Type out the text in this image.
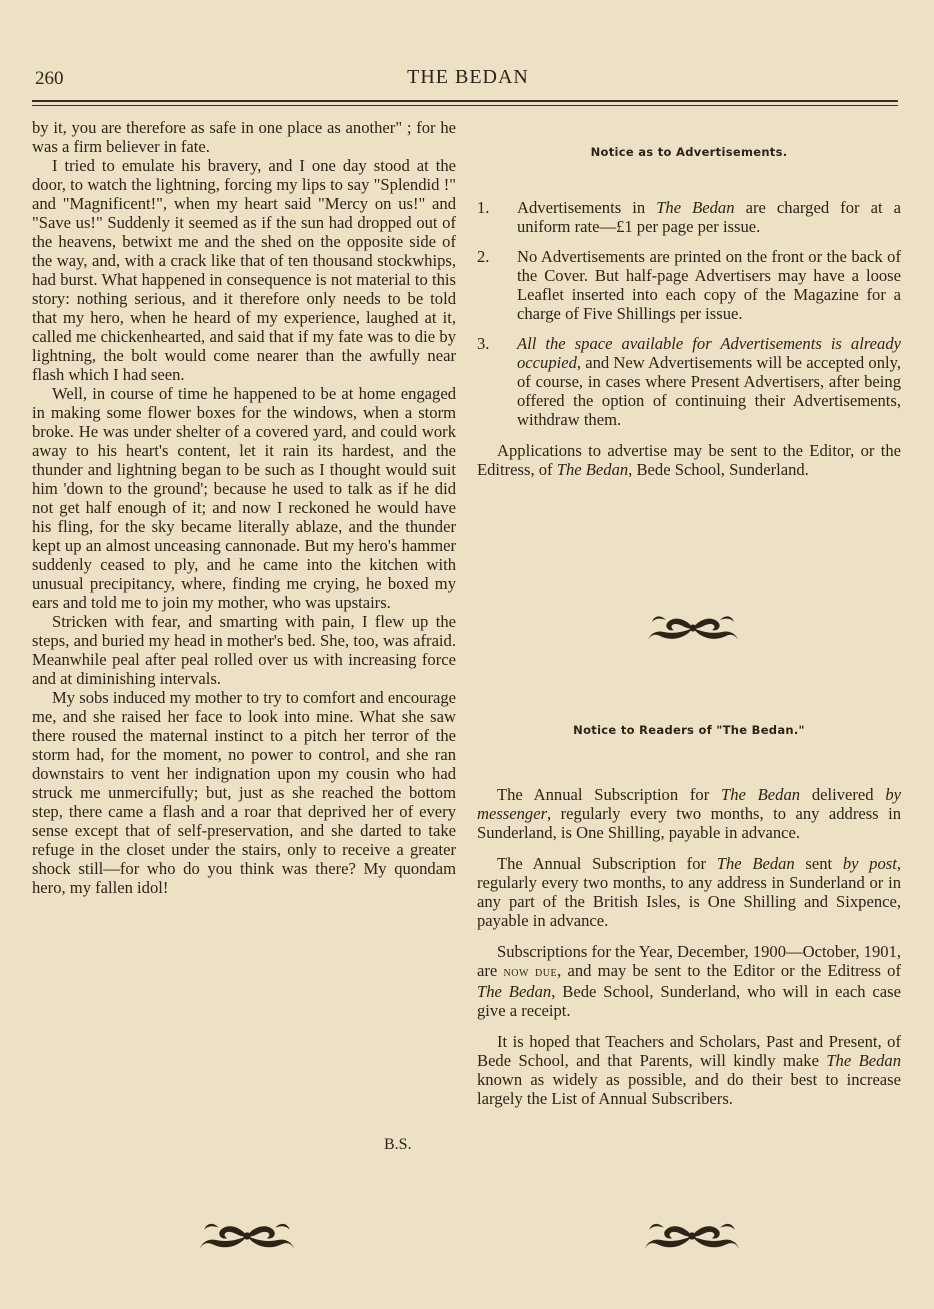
260	THE BEDAN

by it, you are therefore as safe in one place as another" ; for he was a firm believer in fate.

I tried to emulate his bravery, and I one day stood at the door, to watch the lightning, forcing my lips to say "Splendid !" and "Magnificent!", when my heart said "Mercy on us!" and "Save us!" Suddenly it seemed as if the sun had dropped out of the heavens, betwixt me and the shed on the opposite side of the way, and, with a crack like that of ten thousand stockwhips, had burst. What happened in consequence is not material to this story: nothing serious, and it therefore only needs to be told that my hero, when he heard of my experience, laughed at it, called me chickenhearted, and said that if my fate was to die by lightning, the bolt would come nearer than the awfully near flash which I had seen.

Well, in course of time he happened to be at home engaged in making some flower boxes for the windows, when a storm broke. He was under shelter of a covered yard, and could work away to his heart's content, let it rain its hardest, and the thunder and lightning began to be such as I thought would suit him 'down to the ground'; because he used to talk as if he did not get half enough of it; and now I reckoned he would have his fling, for the sky became literally ablaze, and the thunder kept up an almost unceasing cannonade. But my hero's hammer suddenly ceased to ply, and he came into the kitchen with unusual precipitancy, where, finding me crying, he boxed my ears and told me to join my mother, who was upstairs.

Stricken with fear, and smarting with pain, I flew up the steps, and buried my head in mother's bed. She, too, was afraid. Meanwhile peal after peal rolled over us with increasing force and at diminishing intervals.

My sobs induced my mother to try to comfort and encourage me, and she raised her face to look into mine. What she saw there roused the maternal instinct to a pitch her terror of the storm had, for the moment, no power to control, and she ran downstairs to vent her indignation upon my cousin who had struck me unmercifully; but, just as she reached the bottom step, there came a flash and a roar that deprived her of every sense except that of self-preservation, and she darted to take refuge in the closet under the stairs, only to receive a greater shock still—for who do you think was there? My quondam hero, my fallen idol!

B.S.
Notice as to Advertisements.
1.	Advertisements in The Bedan are charged for at a uniform rate—£1 per page per issue.
2.	No Advertisements are printed on the front or the back of the Cover. But half-page Advertisers may have a loose Leaflet inserted into each copy of the Magazine for a charge of Five Shillings per issue.
3.	All the space available for Advertisements is already occupied, and New Advertisements will be accepted only, of course, in cases where Present Advertisers, after being offered the option of continuing their Advertisements, withdraw them.

Applications to advertise may be sent to the Editor, or the Editress, of The Bedan, Bede School, Sunderland.

Notice to Readers of "The Bedan."

The Annual Subscription for The Bedan delivered by messenger, regularly every two months, to any address in Sunderland, is One Shilling, payable in advance.

The Annual Subscription for The Bedan sent by post, regularly every two months, to any address in Sunderland or in any part of the British Isles, is One Shilling and Sixpence, payable in advance.

Subscriptions for the Year, December, 1900—October, 1901, are now due, and may be sent to the Editor or the Editress of The Bedan, Bede School, Sunderland, who will in each case give a receipt.

It is hoped that Teachers and Scholars, Past and Present, of Bede School, and that Parents, will kindly make The Bedan known as widely as possible, and do their best to increase largely the List of Annual Subscribers.
